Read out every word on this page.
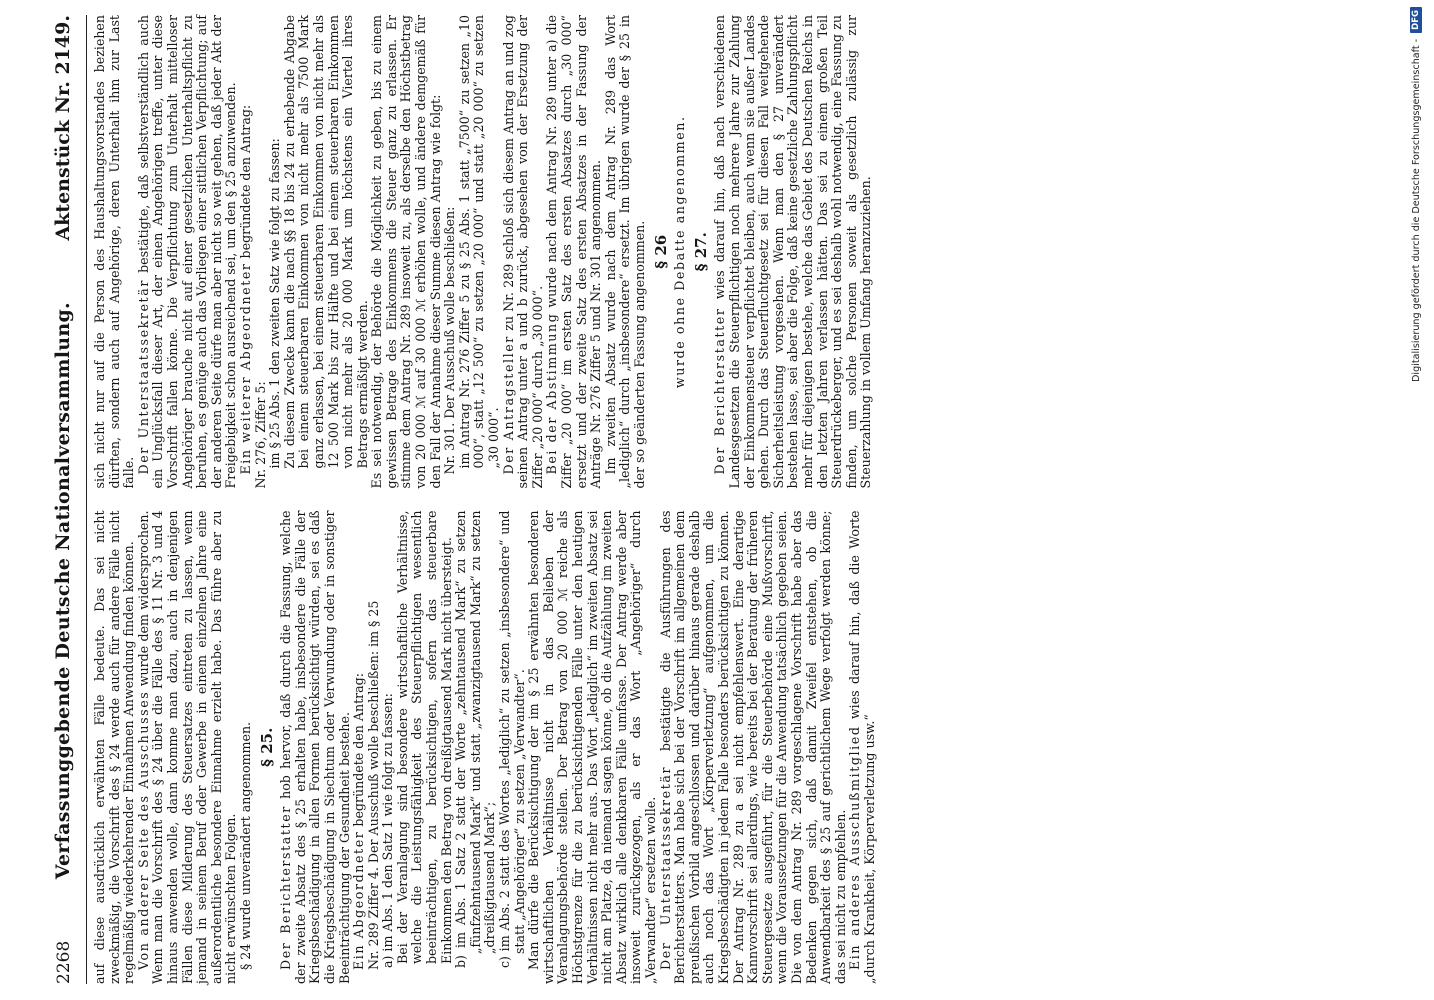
2268
Verfassunggebende Deutsche Nationalversammlung.
Aktenstück Nr. 2149.

auf diese ausdrücklich erwähnten Fälle bedeute. Das sei nicht zweckmäßig, die Vorschrift des § 24 werde auch für andere Fälle nicht regelmäßig wiederkehrender Einnahmen Anwendung finden können. Von anderer Seite des Ausschusses wurde dem widersprochen. Wenn man die Vorschrift des § 24 über die Fälle des § 11 Nr. 3 und 4 hinaus anwenden wolle, dann komme man dazu, auch in denjenigen Fällen diese Milderung des Steuersatzes eintreten zu lassen, wenn jemand in seinem Beruf oder Gewerbe in einem einzelnen Jahre eine außerordentliche besondere Einnahme erzielt habe. Das führe aber zu nicht erwünschten Folgen. § 24 wurde unverändert angenommen. § 25.

Der Berichterstatter hob hervor, daß durch die Fassung, welche der zweite Absatz des § 25 erhalten habe, insbesondere die Fälle der Kriegsbeschädigung in allen Formen berücksichtigt würden, sei es daß die Kriegsbeschädigung in Siechtum oder Verwundung oder in sonstiger Beeinträchtigung der Gesundheit bestehe. Ein Abgeordneter begründete den Antrag: Nr. 289 Ziffer 4. Der Ausschuß wolle beschließen: im § 25 a) im Abs. 1 den Satz 1 wie folgt zu fassen: Bei der Veranlagung sind besondere wirtschaftliche Verhältnisse, welche die Leistungsfähigkeit des Steuerpflichtigen wesentlich beeinträchtigen, zu berücksichtigen, sofern das steuerbare Einkommen den Betrag von dreißigtausend Mark nicht übersteigt. b) im Abs. 1 Satz 2 statt der Worte „zehntausend Mark“ zu setzen „fünfzehntausend Mark“ und statt „zwanzigtausend Mark“ zu setzen „dreißigtausend Mark“; c) im Abs. 2 statt des Wortes „lediglich“ zu setzen „insbesondere“ und statt „Angehöriger“ zu setzen „Verwandter“. Man dürfe die Berücksichtigung der im § 25 erwähnten besonderen wirtschaftlichen Verhältnisse nicht in das Belieben der Veranlagungsbehörde stellen. Der Betrag von 20 000 ℳ reiche als Höchstgrenze für die zu berücksichtigenden Fälle unter den heutigen Verhältnissen nicht mehr aus. Das Wort „lediglich“ im zweiten Absatz sei nicht am Platze, da niemand sagen könne, ob die Aufzählung im zweiten Absatz wirklich alle denkbaren Fälle umfasse. Der Antrag werde aber insoweit zurückgezogen, als er das Wort „Angehöriger“ durch „Verwandter“ ersetzen wolle. Der Unterstaatssekretär bestätigte die Ausführungen des Berichterstatters. Man habe sich bei der Vorschrift im allgemeinen dem preußischen Vorbild angeschlossen und darüber hinaus gerade deshalb auch noch das Wort „Körperverletzung“ aufgenommen, um die Kriegsbeschädigten in jedem Falle besonders berücksichtigen zu können. Der Antrag Nr. 289 zu a sei nicht empfehlenswert. Eine derartige Kannvorschrift sei allerdings, wie bereits bei der Beratung der früheren Steuergesetze ausgeführt, für die Steuerbehörde eine Mußvorschrift, wenn die Voraussetzungen für die Anwendung tatsächlich gegeben seien. Die von dem Antrag Nr. 289 vorgeschlagene Vorschrift habe aber das Bedenken gegen sich, daß damit Zweifel entstehen, ob die Anwendbarkeit des § 25 auf gerichtlichem Wege verfolgt werden könne; das sei nicht zu empfehlen. Ein anderes Ausschußmitglied wies darauf hin, daß die Worte „durch Krankheit, Körperverletzung usw.“

sich nicht nur auf die Person des Haushaltungsvorstandes beziehen dürften, sondern auch auf Angehörige, deren Unterhalt ihm zur Last falle. Der Unterstaatssekretär bestätigte, daß selbstverständlich auch ein Unglücksfall dieser Art, der einen Angehörigen treffe, unter diese Vorschrift fallen könne. Die Verpflichtung zum Unterhalt mittelloser Angehöriger brauche nicht auf einer gesetzlichen Unterhaltspflicht zu beruhen, es genüge auch das Vorliegen einer sittlichen Verpflichtung; auf der anderen Seite dürfe man aber nicht so weit gehen, daß jeder Akt der Freigebigkeit schon ausreichend sei, um den § 25 anzuwenden. Ein weiterer Abgeordneter begründete den Antrag:

Nr. 276, Ziffer 5: im § 25 Abs. 1 den zweiten Satz wie folgt zu fassen: Zu diesem Zwecke kann die nach §§ 18 bis 24 zu erhebende Abgabe bei einem steuerbaren Einkommen von nicht mehr als 7500 Mark ganz erlassen, bei einem steuerbaren Einkommen von nicht mehr als 12 500 Mark bis zur Hälfte und bei einem steuerbaren Einkommen von nicht mehr als 20 000 Mark um höchstens ein Viertel ihres Betrags ermäßigt werden. Es sei notwendig, der Behörde die Möglichkeit zu geben, bis zu einem gewissen Betrage des Einkommens die Steuer ganz zu erlassen. Er stimme dem Antrag Nr. 289 insoweit zu, als derselbe den Höchstbetrag von 20 000 ℳ auf 30 000 ℳ erhöhen wolle, und ändere demgemäß für den Fall der Annahme dieser Summe diesen Antrag wie folgt: Nr. 301. Der Ausschuß wolle beschließen: im Antrag Nr. 276 Ziffer 5 zu § 25 Abs. 1 statt „7500“ zu setzen „10 000“, statt „12 500“ zu setzen „20 000“ und statt „20 000“ zu setzen „30 000“. Der Antragsteller zu Nr. 289 schloß sich diesem Antrag an und zog seinen Antrag unter a und b zurück, abgesehen von der Ersetzung der Ziffer „20 000“ durch „30 000“. Bei der Abstimmung wurde nach dem Antrag Nr. 289 unter a) die Ziffer „20 000“ im ersten Satz des ersten Absatzes durch „30 000“ ersetzt und der zweite Satz des ersten Absatzes in der Fassung der Anträge Nr. 276 Ziffer 5 und Nr. 301 angenommen. Im zweiten Absatz wurde nach dem Antrag Nr. 289 das Wort „lediglich“ durch „insbesondere“ ersetzt. Im übrigen wurde der § 25 in der so geänderten Fassung angenommen. § 26 wurde ohne Debatte angenommen. § 27.

Der Berichterstatter wies darauf hin, daß nach verschiedenen Landesgesetzen die Steuerpflichtigen noch mehrere Jahre zur Zahlung der Einkommensteuer verpflichtet bleiben, auch wenn sie außer Landes gehen. Durch das Steuerfluchtgesetz sei für diesen Fall weitgehende Sicherheitsleistung vorgesehen. Wenn man den § 27 unverändert bestehen lasse, sei aber die Folge, daß keine gesetzliche Zahlungspflicht mehr für diejenigen bestehe, welche das Gebiet des Deutschen Reichs in den letzten Jahren verlassen hätten. Das sei zu einem großen Teil Steuerdrückeberger, und es sei deshalb wohl notwendig, eine Fassung zu finden, um solche Personen soweit als gesetzlich zulässig zur Steuerzahlung in vollem Umfang heranzuziehen.	Digitalisierung gefördert durch die Deutsche Forschungsgemeinschaft -
DFG
